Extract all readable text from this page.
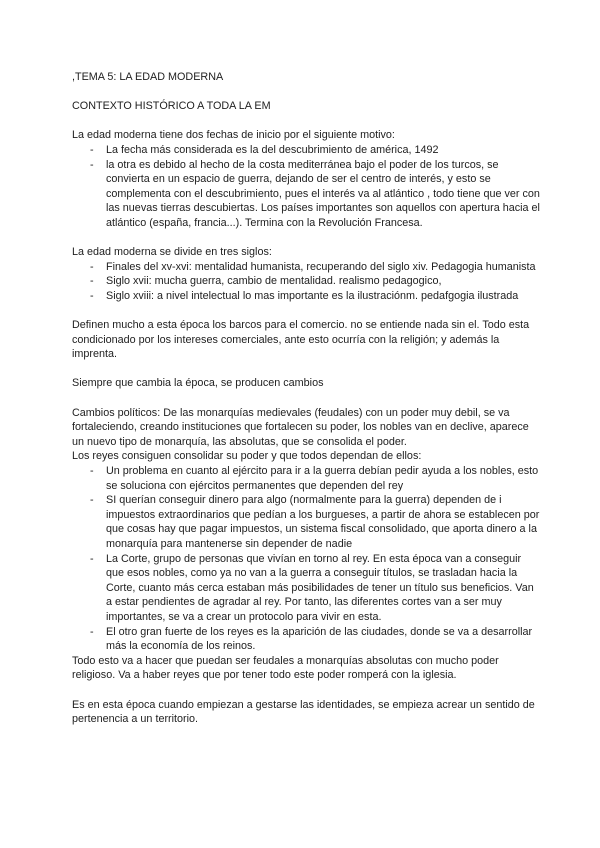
,TEMA 5: LA EDAD MODERNA

CONTEXTO HISTÓRICO A TODA LA EM

La edad moderna tiene dos fechas de inicio por el siguiente motivo:

- La fecha más considerada es la del descubrimiento de américa, 1492
- la otra es debido al hecho de la costa mediterránea bajo el poder de los turcos, se convierta en un espacio de guerra, dejando de ser el centro de interés, y esto se complementa con el descubrimiento, pues el interés va al atlántico , todo tiene que ver con las nuevas tierras descubiertas. Los países importantes son aquellos con apertura hacia el atlántico (españa, francia...). Termina con la Revolución Francesa.

La edad moderna se divide en tres siglos:

- Finales del xv-xvi: mentalidad humanista, recuperando del siglo xiv. Pedagogia humanista
- Siglo xvii: mucha guerra, cambio de mentalidad. realismo pedagogico,
- Siglo xviii: a nivel intelectual lo mas importante es la ilustraciónm. pedafgogia ilustrada

Definen mucho a esta época los barcos para el comercio. no se entiende nada sin el. Todo esta condicionado por los intereses comerciales, ante esto ocurría con la religión; y además la imprenta.

Siempre que cambia la época, se producen cambios

Cambios políticos: De las monarquías medievales (feudales) con un poder muy debil, se va fortaleciendo, creando instituciones que fortalecen su poder, los nobles van en declive, aparece un nuevo tipo de monarquía, las absolutas, que se consolida el poder.

Los reyes consiguen consolidar su poder y que todos dependan de ellos:

- Un problema en cuanto al ejército para ir a la guerra debían pedir ayuda a los nobles, esto se soluciona con ejércitos permanentes que dependen del rey
- SI querían conseguir dinero para algo (normalmente para la guerra) dependen de i impuestos extraordinarios que pedían a los burgueses, a partir de ahora se establecen por que cosas hay que pagar impuestos, un sistema fiscal consolidado, que aporta dinero a la monarquía para mantenerse sin depender de nadie
- La Corte, grupo de personas que vivían en torno al rey. En esta época van a conseguir que esos nobles, como ya no van a la guerra a conseguir títulos, se trasladan hacia la Corte, cuanto más cerca estaban más posibilidades de tener un título sus beneficios. Van a estar pendientes de agradar al rey. Por tanto, las diferentes cortes van a ser muy importantes, se va a crear un protocolo para vivir en esta.
- El otro gran fuerte de los reyes es la aparición de las ciudades, donde se va a desarrollar más la economía de los reinos.

Todo esto va a hacer que puedan ser feudales a monarquías absolutas con mucho poder religioso. Va a haber reyes que por tener todo este poder romperá con la iglesia.

Es en esta época cuando empiezan a gestarse las identidades, se empieza acrear un sentido de pertenencia a un territorio.
